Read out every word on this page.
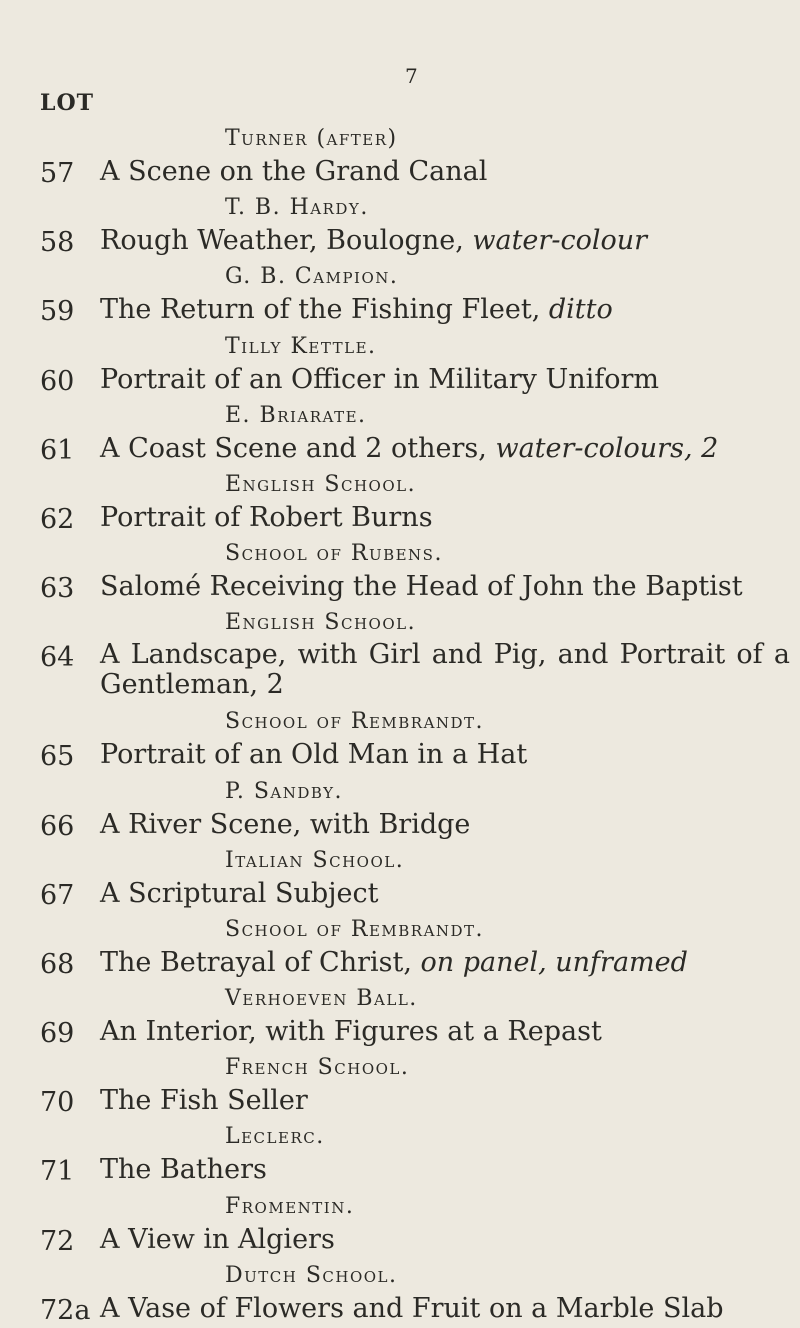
7
LOT
Turner (after)
57 A Scene on the Grand Canal
T. B. Hardy.
58 Rough Weather, Boulogne, water-colour
G. B. Campion.
59 The Return of the Fishing Fleet, ditto
Tilly Kettle.
60 Portrait of an Officer in Military Uniform
E. Briarate.
61 A Coast Scene and 2 others, water-colours, 2
English School.
62 Portrait of Robert Burns
School of Rubens.
63 Salomé Receiving the Head of John the Baptist
English School.
64 A Landscape, with Girl and Pig, and Portrait of a Gentleman, 2
School of Rembrandt.
65 Portrait of an Old Man in a Hat
P. Sandby.
66 A River Scene, with Bridge
Italian School.
67 A Scriptural Subject
School of Rembrandt.
68 The Betrayal of Christ, on panel, unframed
Verhoeven Ball.
69 An Interior, with Figures at a Repast
French School.
70 The Fish Seller
Leclerc.
71 The Bathers
Fromentin.
72 A View in Algiers
Dutch School.
72a A Vase of Flowers and Fruit on a Marble Slab
